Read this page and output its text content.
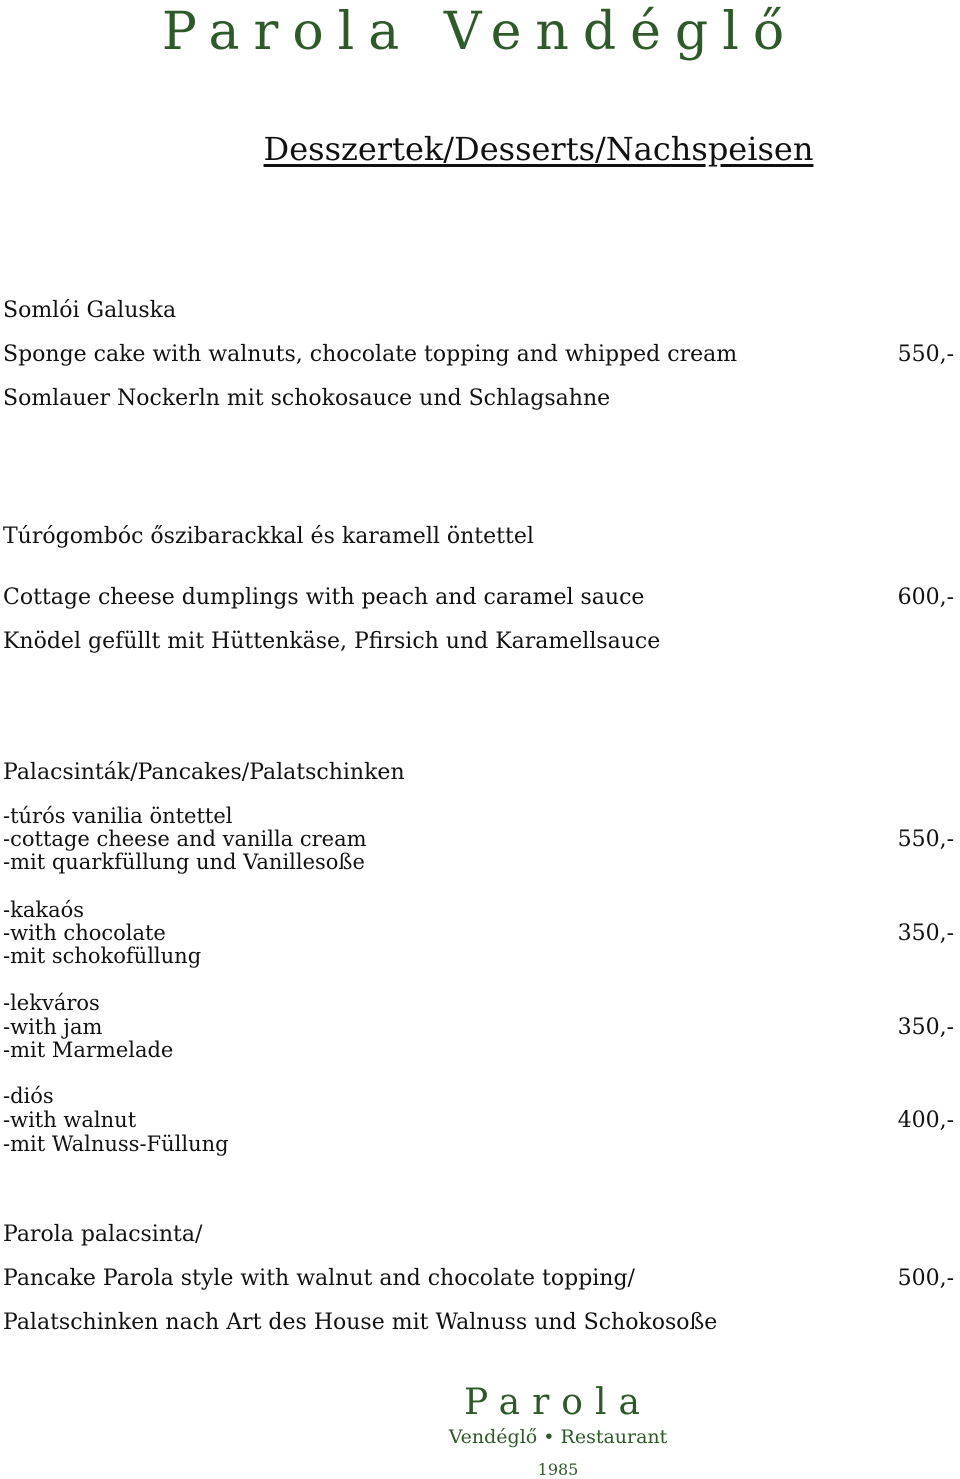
Parola Vendéglő
Desszertek/Desserts/Nachspeisen
Somlói Galuska
Sponge cake with walnuts, chocolate topping and whipped cream	550,-
Somlauer Nockerln mit schokosauce und Schlagsahne
Túrógombóc őszibarackkal és karamell öntettel
Cottage cheese dumplings with peach and caramel sauce	600,-
Knödel gefüllt mit Hüttenkäse, Pfirsich und Karamellsauce
Palacsinták/Pancakes/Palatschinken
-túrós vanilia öntettel
-cottage cheese and vanilla cream	550,-
-mit quarkfüllung und Vanillesoße
-kakaós
-with chocolate	350,-
-mit schokofüllung
-lekváros
-with jam	350,-
-mit Marmelade
-diós
-with walnut	400,-
-mit Walnuss-Füllung
Parola palacsinta/
Pancake Parola style with walnut and chocolate topping/	500,-
Palatschinken nach Art des House mit Walnuss und Schokosoße
Parola
Vendéglő • Restaurant
1985
